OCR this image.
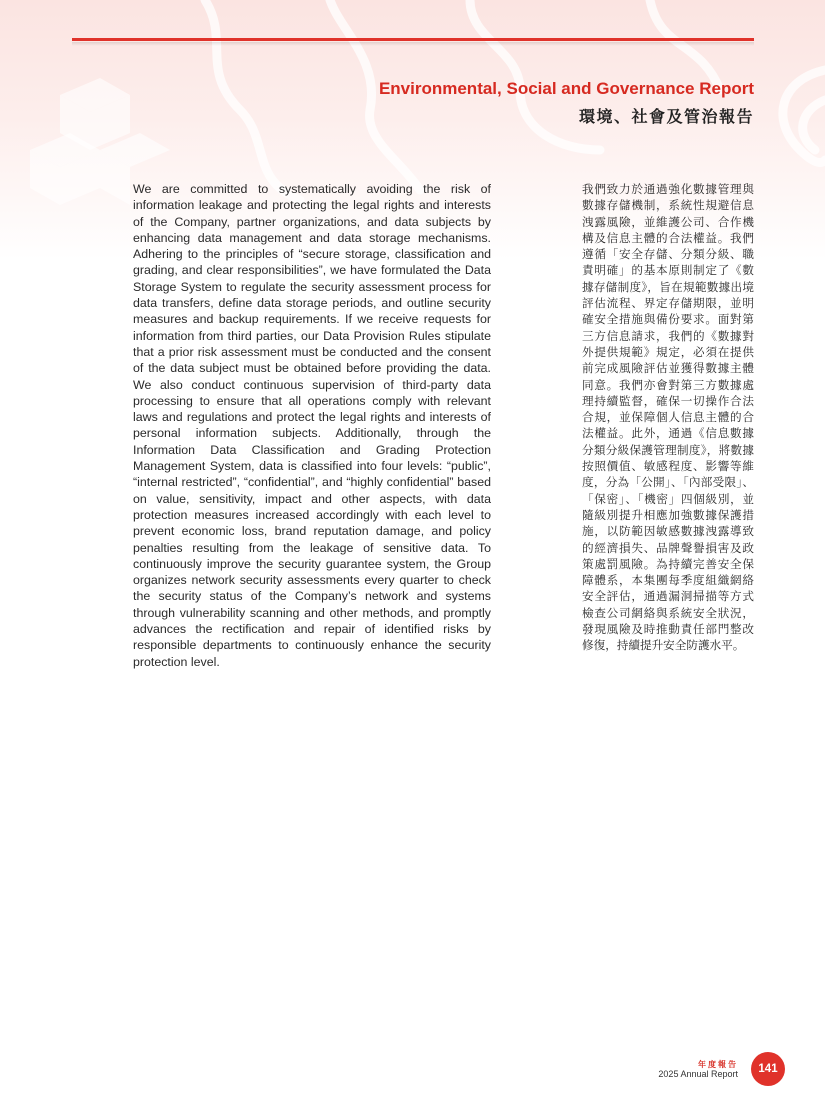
Environmental, Social and Governance Report
環境、社會及管治報告
We are committed to systematically avoiding the risk of information leakage and protecting the legal rights and interests of the Company, partner organizations, and data subjects by enhancing data management and data storage mechanisms. Adhering to the principles of “secure storage, classification and grading, and clear responsibilities”, we have formulated the Data Storage System to regulate the security assessment process for data transfers, define data storage periods, and outline security measures and backup requirements. If we receive requests for information from third parties, our Data Provision Rules stipulate that a prior risk assessment must be conducted and the consent of the data subject must be obtained before providing the data. We also conduct continuous supervision of third-party data processing to ensure that all operations comply with relevant laws and regulations and protect the legal rights and interests of personal information subjects. Additionally, through the Information Data Classification and Grading Protection Management System, data is classified into four levels: “public”, “internal restricted”, “confidential”, and “highly confidential” based on value, sensitivity, impact and other aspects, with data protection measures increased accordingly with each level to prevent economic loss, brand reputation damage, and policy penalties resulting from the leakage of sensitive data. To continuously improve the security guarantee system, the Group organizes network security assessments every quarter to check the security status of the Company’s network and systems through vulnerability scanning and other methods, and promptly advances the rectification and repair of identified risks by responsible departments to continuously enhance the security protection level.
我們致力於通過強化數據管理與數據存儲機制，系統性規避信息洩露風險，並維護公司、合作機構及信息主體的合法權益。我們遵循「安全存儲、分類分級、職責明確」的基本原則制定了《數據存儲制度》，旨在規範數據出境評估流程、界定存儲期限，並明確安全措施與備份要求。面對第三方信息請求，我們的《數據對外提供規範》規定，必須在提供前完成風險評估並獲得數據主體同意。我們亦會對第三方數據處理持續監督，確保一切操作合法合規，並保障個人信息主體的合法權益。此外，通過《信息數據分類分級保護管理制度》，將數據按照價值、敏感程度、影響等維度，分為「公開」、「內部受限」、「保密」、「機密」四個級別，並隨級別提升相應加強數據保護措施，以防範因敏感數據洩露導致的經濟損失、品牌聲譽損害及政策處罰風險。為持續完善安全保障體系，本集團每季度組織網絡安全評估，通過漏洞掃描等方式檢查公司網絡與系統安全狀況，發現風險及時推動責任部門整改修復，持續提升安全防護水平。
年度報告
2025 Annual Report	141
